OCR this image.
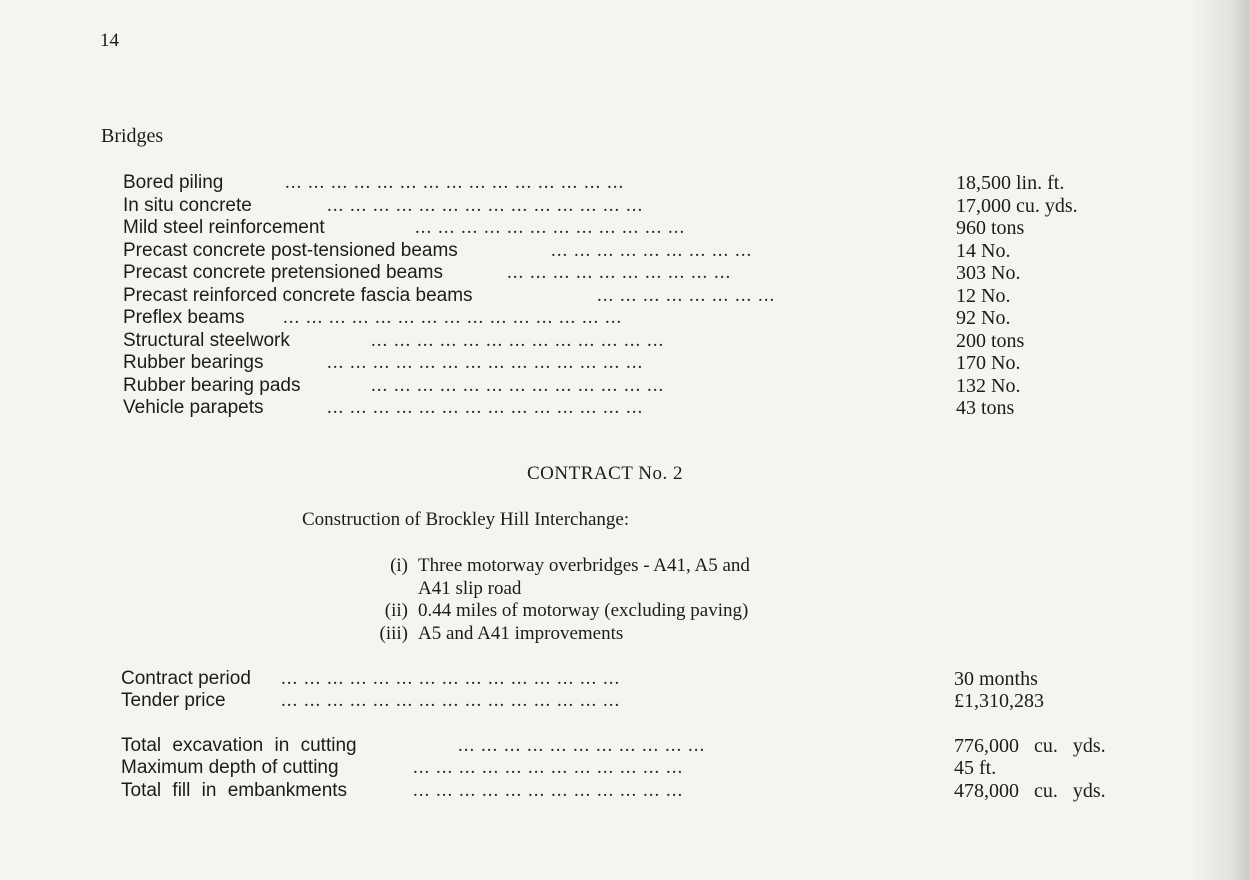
14
Bridges
Bored piling	... ... ... ... ... ... ... ... ... ... ... ... ... ... ...	18,500 lin. ft.
In situ concrete	... ... ... ... ... ... ... ... ... ... ... ... ... ...	17,000 cu. yds.
Mild steel reinforcement	... ... ... ... ... ... ... ... ... ... ... ...	960 tons
Precast concrete post-tensioned beams	... ... ... ... ... ... ... ... ...	14 No.
Precast concrete pretensioned beams	... ... ... ... ... ... ... ... ... ...	303 No.
Precast reinforced concrete fascia beams	... ... ... ... ... ... ... ...	12 No.
Preflex beams ... ... ... ... ... ... ... ... ... ... ... ... ... ... ...	92 No.
Structural steelwork	... ... ... ... ... ... ... ... ... ... ... ... ...	200 tons
Rubber bearings	... ... ... ... ... ... ... ... ... ... ... ... ... ...	170 No.
Rubber bearing pads	... ... ... ... ... ... ... ... ... ... ... ... ...	132 No.
Vehicle parapets	... ... ... ... ... ... ... ... ... ... ... ... ... ...	43 tons
CONTRACT No. 2
Construction of Brockley Hill Interchange:
(i) Three motorway overbridges - A41, A5 and
A41 slip road
(ii) 0.44 miles of motorway (excluding paving)
(iii) A5 and A41 improvements
Contract period ... ... ... ... ... ... ... ... ... ... ... ... ... ... ...	30 months
Tender price	... ... ... ... ... ... ... ... ... ... ... ... ... ... ...	£1,310,283
Total excavation in cutting	... ... ... ... ... ... ... ... ... ... ...	776,000 cu. yds.
Maximum depth of cutting	... ... ... ... ... ... ... ... ... ... ... ...	45 ft.
Total fill in embankments	... ... ... ... ... ... ... ... ... ... ... ...	478,000 cu. yds.
